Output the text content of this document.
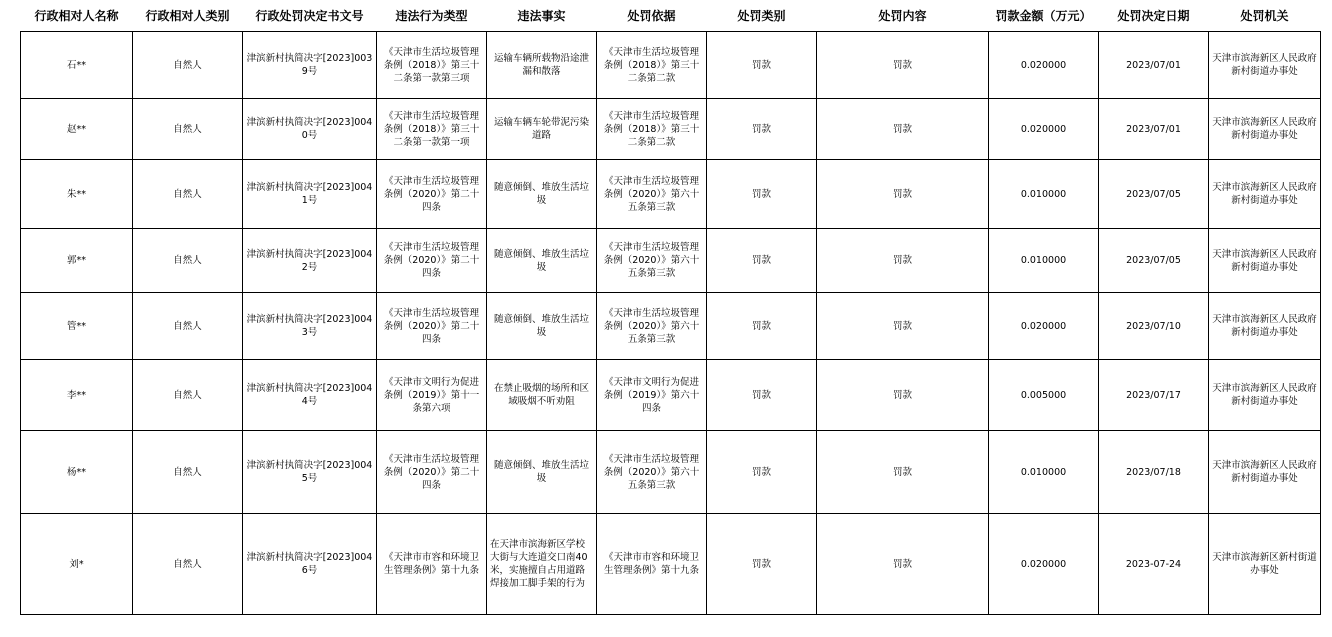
行政相对人名称	行政相对人类别	行政处罚决定书文号	违法行为类型	违法事实	处罚依据	处罚类别	处罚内容	罚款金额（万元）	处罚决定日期	处罚机关
石**	自然人	津滨新村执简决字[2023]0039号	《天津市生活垃圾管理条例（2018）》第三十二条第一款第三项	运输车辆所载物沿途泄漏和散落	《天津市生活垃圾管理条例（2018）》第三十二条第二款	罚款	罚款	0.020000	2023/07/01	天津市滨海新区人民政府新村街道办事处
赵**	自然人	津滨新村执简决字[2023]0040号	《天津市生活垃圾管理条例（2018）》第三十二条第一款第一项	运输车辆车轮带泥污染道路	《天津市生活垃圾管理条例（2018）》第三十二条第二款	罚款	罚款	0.020000	2023/07/01	天津市滨海新区人民政府新村街道办事处
朱**	自然人	津滨新村执简决字[2023]0041号	《天津市生活垃圾管理条例（2020）》第二十四条	随意倾倒、堆放生活垃圾	《天津市生活垃圾管理条例（2020）》第六十五条第三款	罚款	罚款	0.010000	2023/07/05	天津市滨海新区人民政府新村街道办事处
郭**	自然人	津滨新村执简决字[2023]0042号	《天津市生活垃圾管理条例（2020）》第二十四条	随意倾倒、堆放生活垃圾	《天津市生活垃圾管理条例（2020）》第六十五条第三款	罚款	罚款	0.010000	2023/07/05	天津市滨海新区人民政府新村街道办事处
管**	自然人	津滨新村执简决字[2023]0043号	《天津市生活垃圾管理条例（2020）》第二十四条	随意倾倒、堆放生活垃圾	《天津市生活垃圾管理条例（2020）》第六十五条第三款	罚款	罚款	0.020000	2023/07/10	天津市滨海新区人民政府新村街道办事处
李**	自然人	津滨新村执简决字[2023]0044号	《天津市文明行为促进条例（2019）》第十一条第六项	在禁止吸烟的场所和区域吸烟不听劝阻	《天津市文明行为促进条例（2019）》第六十四条	罚款	罚款	0.005000	2023/07/17	天津市滨海新区人民政府新村街道办事处
杨**	自然人	津滨新村执简决字[2023]0045号	《天津市生活垃圾管理条例（2020）》第二十四条	随意倾倒、堆放生活垃圾	《天津市生活垃圾管理条例（2020）》第六十五条第三款	罚款	罚款	0.010000	2023/07/18	天津市滨海新区人民政府新村街道办事处
刘*	自然人	津滨新村执简决字[2023]0046号	《天津市市容和环境卫生管理条例》第十九条	在天津市滨海新区学校大街与大连道交口南40米，实施擅自占用道路焊接加工脚手架的行为	《天津市市容和环境卫生管理条例》第十九条	罚款	罚款	0.020000	2023-07-24	天津市滨海新区新村街道办事处
